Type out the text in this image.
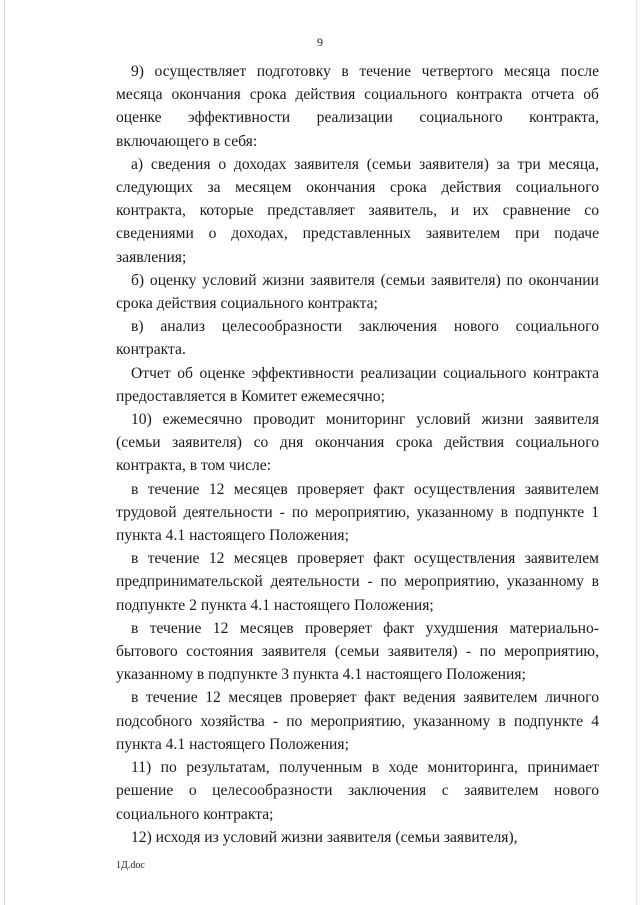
9

9) осуществляет подготовку в течение четвертого месяца после месяца окончания срока действия социального контракта отчета об оценке эффективности реализации социального контракта, включающего в себя:

а) сведения о доходах заявителя (семьи заявителя) за три месяца, следующих за месяцем окончания срока действия социального контракта, которые представляет заявитель, и их сравнение со сведениями о доходах, представленных заявителем при подаче заявления;

б) оценку условий жизни заявителя (семьи заявителя) по окончании срока действия социального контракта;

в) анализ целесообразности заключения нового социального контракта.

Отчет об оценке эффективности реализации социального контракта предоставляется в Комитет ежемесячно;

10) ежемесячно проводит мониторинг условий жизни заявителя (семьи заявителя) со дня окончания срока действия социального контракта, в том числе:

в течение 12 месяцев проверяет факт осуществления заявителем трудовой деятельности - по мероприятию, указанному в подпункте 1 пункта 4.1 настоящего Положения;

в течение 12 месяцев проверяет факт осуществления заявителем предпринимательской деятельности - по мероприятию, указанному в подпункте 2 пункта 4.1 настоящего Положения;

в течение 12 месяцев проверяет факт ухудшения материально-бытового состояния заявителя (семьи заявителя) - по мероприятию, указанному в подпункте 3 пункта 4.1 настоящего Положения;

в течение 12 месяцев проверяет факт ведения заявителем личного подсобного хозяйства - по мероприятию, указанному в подпункте 4 пункта 4.1 настоящего Положения;

11) по результатам, полученным в ходе мониторинга, принимает решение о целесообразности заключения с заявителем нового социального контракта;

12) исходя из условий жизни заявителя (семьи заявителя),

1Д.doc
